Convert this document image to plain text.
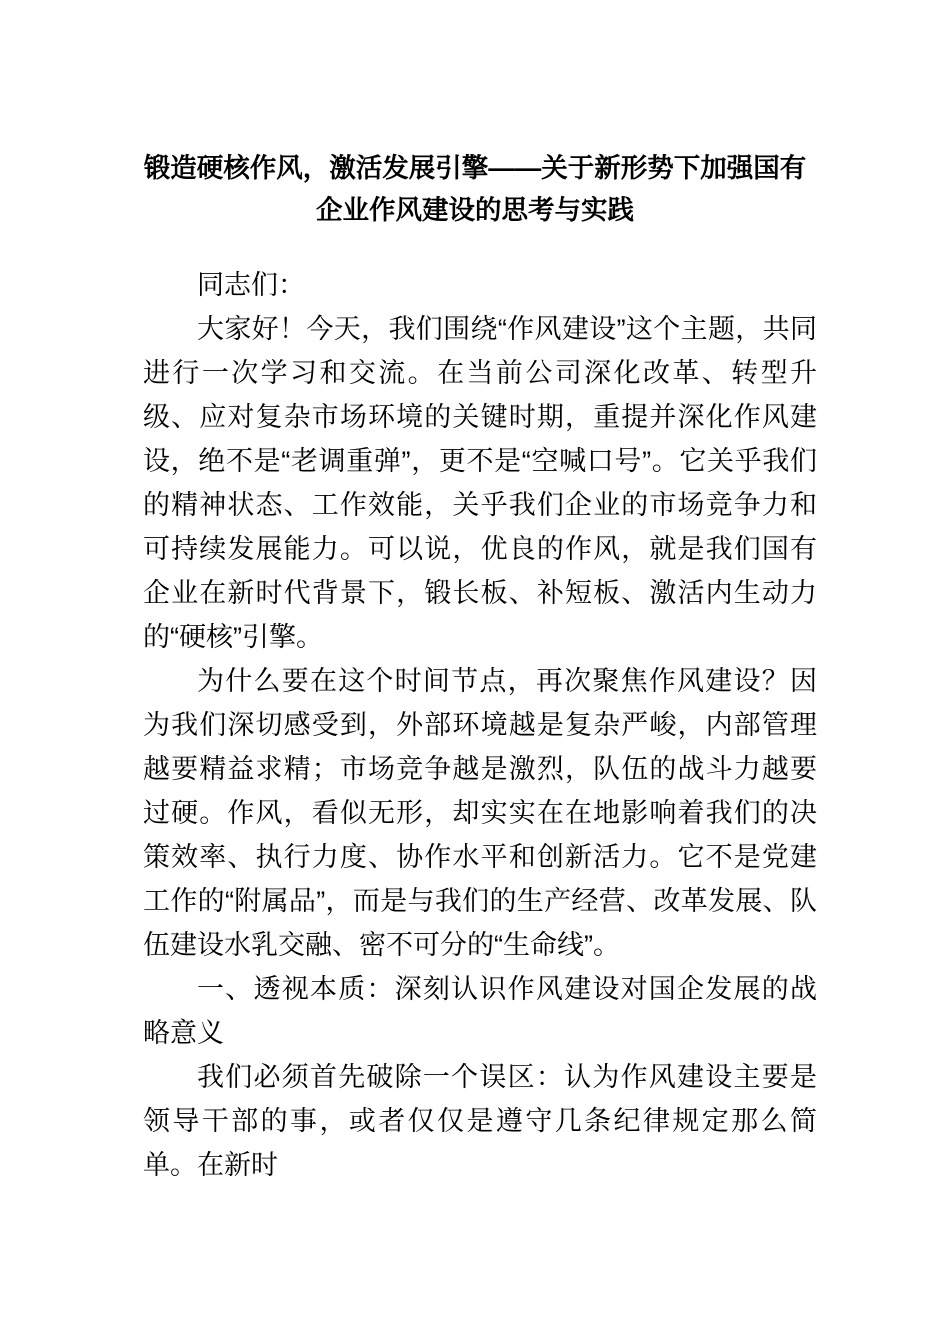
锻造硬核作风，激活发展引擎——关于新形势下加强国有企业作风建设的思考与实践

同志们：

大家好！今天，我们围绕“作风建设”这个主题，共同进行一次学习和交流。在当前公司深化改革、转型升级、应对复杂市场环境的关键时期，重提并深化作风建设，绝不是“老调重弹”，更不是“空喊口号”。它关乎我们的精神状态、工作效能，关乎我们企业的市场竞争力和可持续发展能力。可以说，优良的作风，就是我们国有企业在新时代背景下，锻长板、补短板、激活内生动力的“硬核”引擎。

为什么要在这个时间节点，再次聚焦作风建设？因为我们深切感受到，外部环境越是复杂严峻，内部管理越要精益求精；市场竞争越是激烈，队伍的战斗力越要过硬。作风，看似无形，却实实在在地影响着我们的决策效率、执行力度、协作水平和创新活力。它不是党建工作的“附属品”，而是与我们的生产经营、改革发展、队伍建设水乳交融、密不可分的“生命线”。

一、透视本质：深刻认识作风建设对国企发展的战略意义

我们必须首先破除一个误区：认为作风建设主要是领导干部的事，或者仅仅是遵守几条纪律规定那么简单。在新时
